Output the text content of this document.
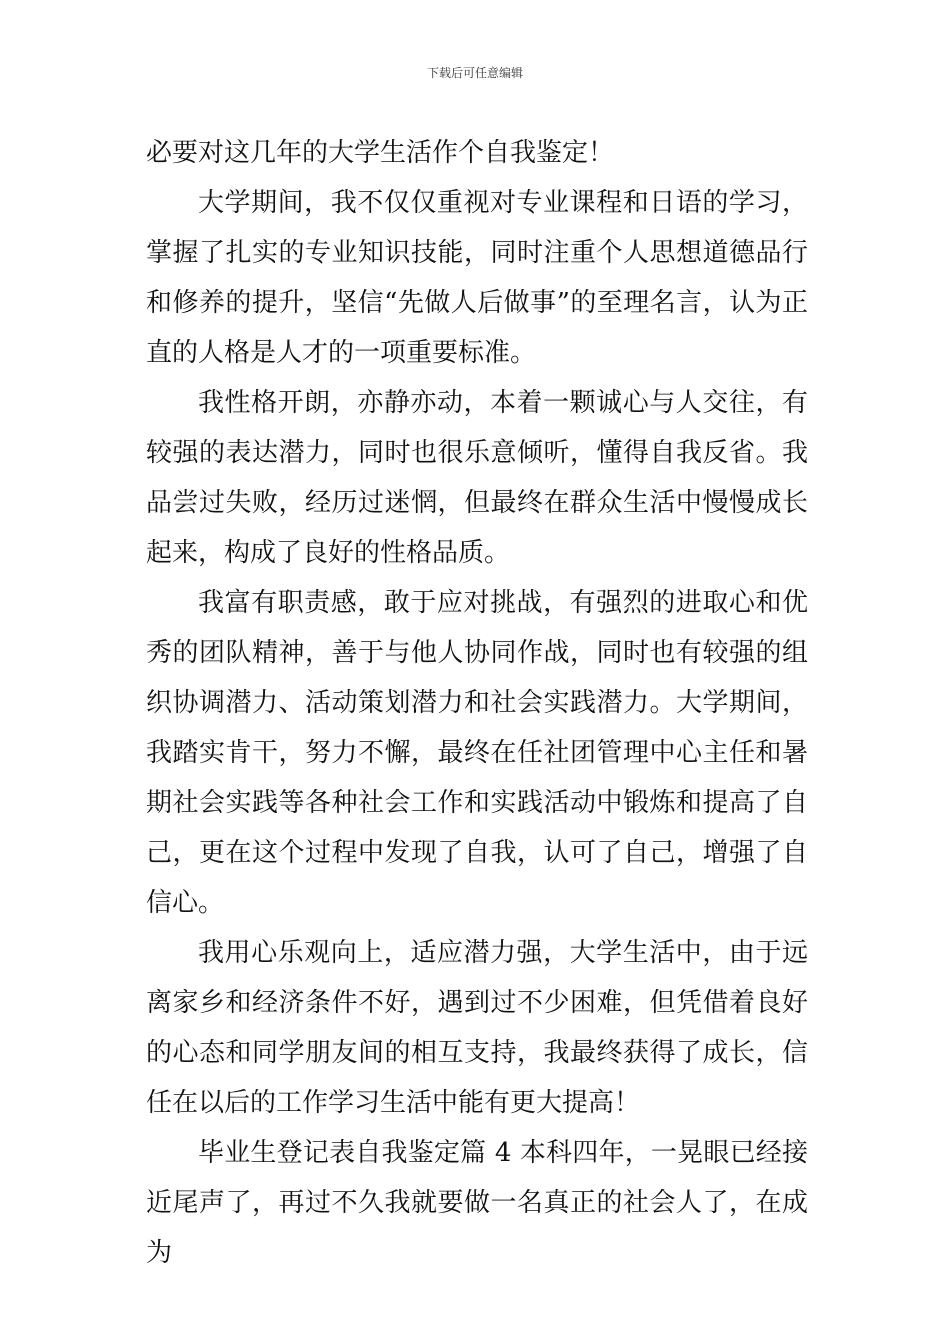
下载后可任意编辑

必要对这几年的大学生活作个自我鉴定！

大学期间，我不仅仅重视对专业课程和日语的学习，掌握了扎实的专业知识技能，同时注重个人思想道德品行和修养的提升，坚信“先做人后做事”的至理名言，认为正直的人格是人才的一项重要标准。

我性格开朗，亦静亦动，本着一颗诚心与人交往，有较强的表达潜力，同时也很乐意倾听，懂得自我反省。我品尝过失败，经历过迷惘，但最终在群众生活中慢慢成长起来，构成了良好的性格品质。

我富有职责感，敢于应对挑战，有强烈的进取心和优秀的团队精神，善于与他人协同作战，同时也有较强的组织协调潜力、活动策划潜力和社会实践潜力。大学期间，我踏实肯干，努力不懈，最终在任社团管理中心主任和暑期社会实践等各种社会工作和实践活动中锻炼和提高了自己，更在这个过程中发现了自我，认可了自己，增强了自信心。

我用心乐观向上，适应潜力强，大学生活中，由于远离家乡和经济条件不好，遇到过不少困难，但凭借着良好的心态和同学朋友间的相互支持，我最终获得了成长，信任在以后的工作学习生活中能有更大提高！

毕业生登记表自我鉴定篇 4 本科四年，一晃眼已经接近尾声了，再过不久我就要做一名真正的社会人了，在成为
